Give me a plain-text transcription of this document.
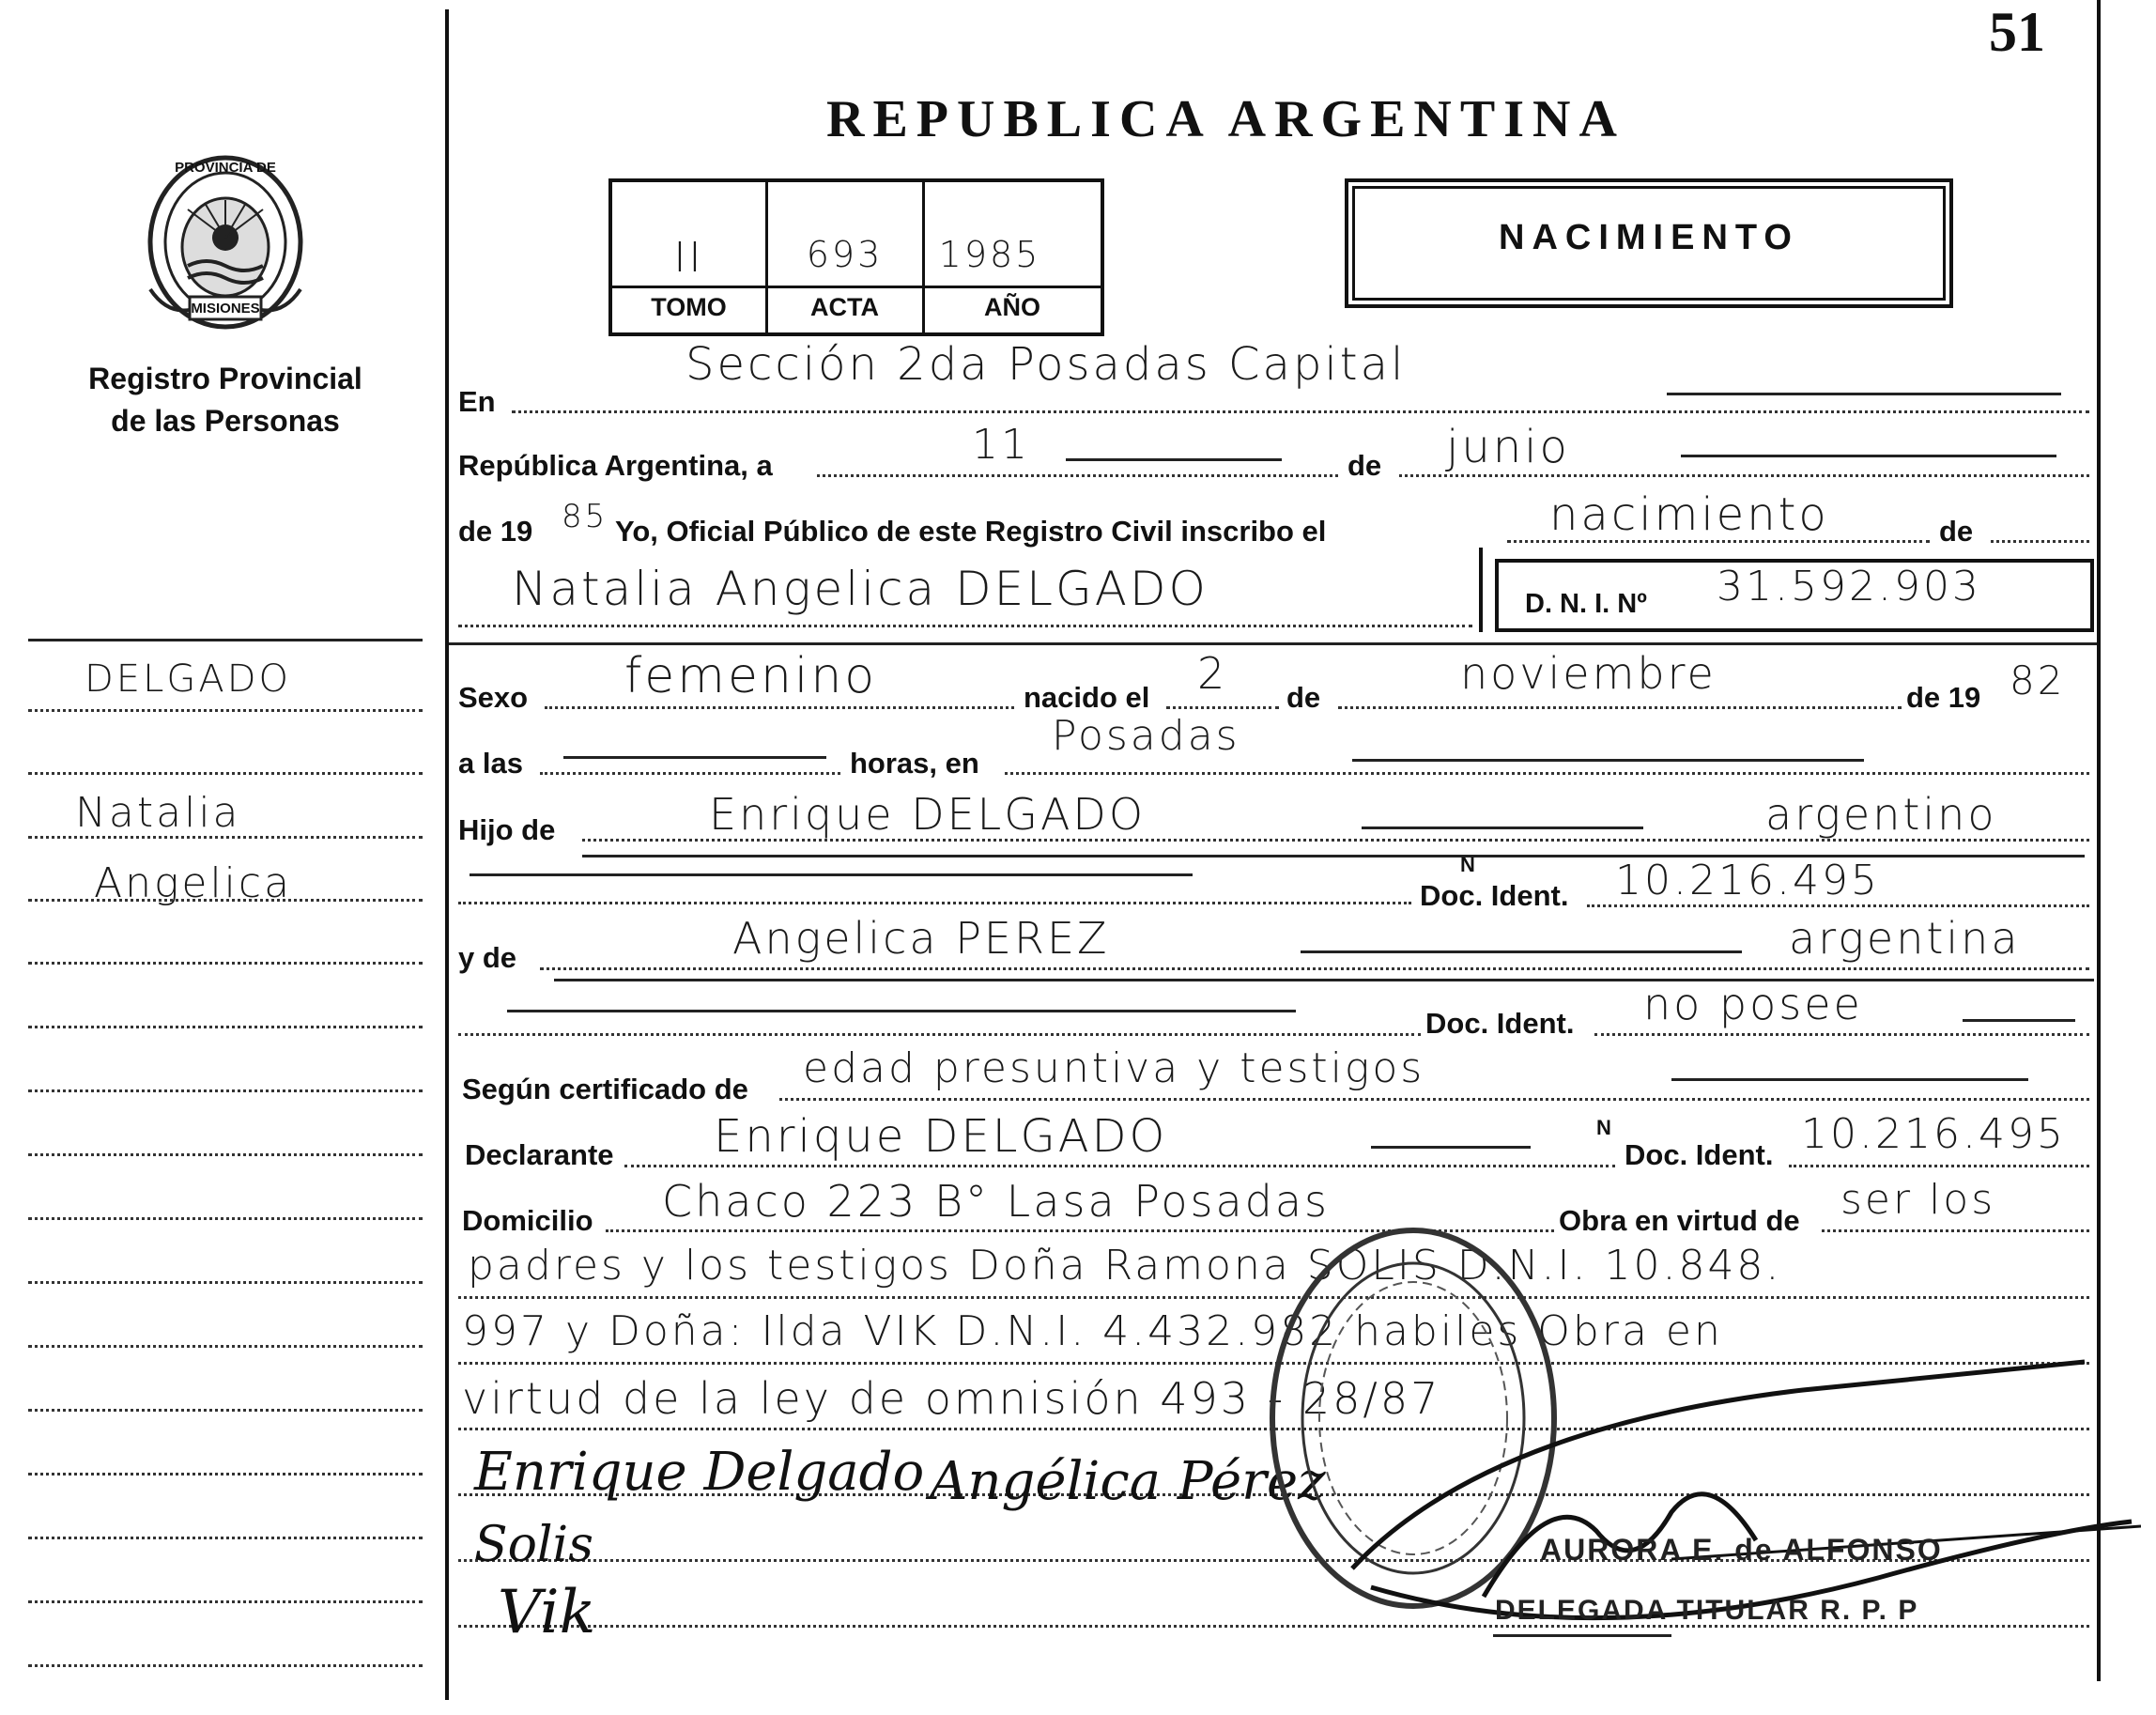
51
PROVINCIA DE
MISIONES
Registro Provincial
de las Personas
DELGADO
Natalia
Angelica
REPUBLICA ARGENTINA
II	693	1985
TOMO	ACTA	AÑO
NACIMIENTO
En
Sección 2da Posadas Capital
República Argentina, a	11	de junio
de 19 85 Yo, Oficial Público de este Registro Civil inscribo el	nacimiento	de
Natalia Angelica DELGADO	D. N. I. Nº 31.592.903
Sexo femenino	nacido el 2 de	noviembre	de 19 82
a las	horas, en
Posadas
Hijo de	Enrique DELGADO	argentino
N
Doc. Ident. 10.216.495
y de	Angelica PEREZ	argentina
Doc. Ident. no posee
Según certificado de edad presuntiva y testigos
Declarante Enrique DELGADO	N
Doc. Ident. 10.216.495
Domicilio Chaco 223 B° Lasa Posadas	Obra en virtud de ser los
padres y los testigos Doña Ramona SOLIS D.N.I. 10.848.
997 y Doña: Ilda VIK D.N.I. 4.432.982 habiles Obra en
virtud de la ley de omnisión 493 - 28/87
Enrique Delgado Angélica Pérez
Solis
Vik
AURORA E. de ALFONSO
DELEGADA TITULAR R. P. P
